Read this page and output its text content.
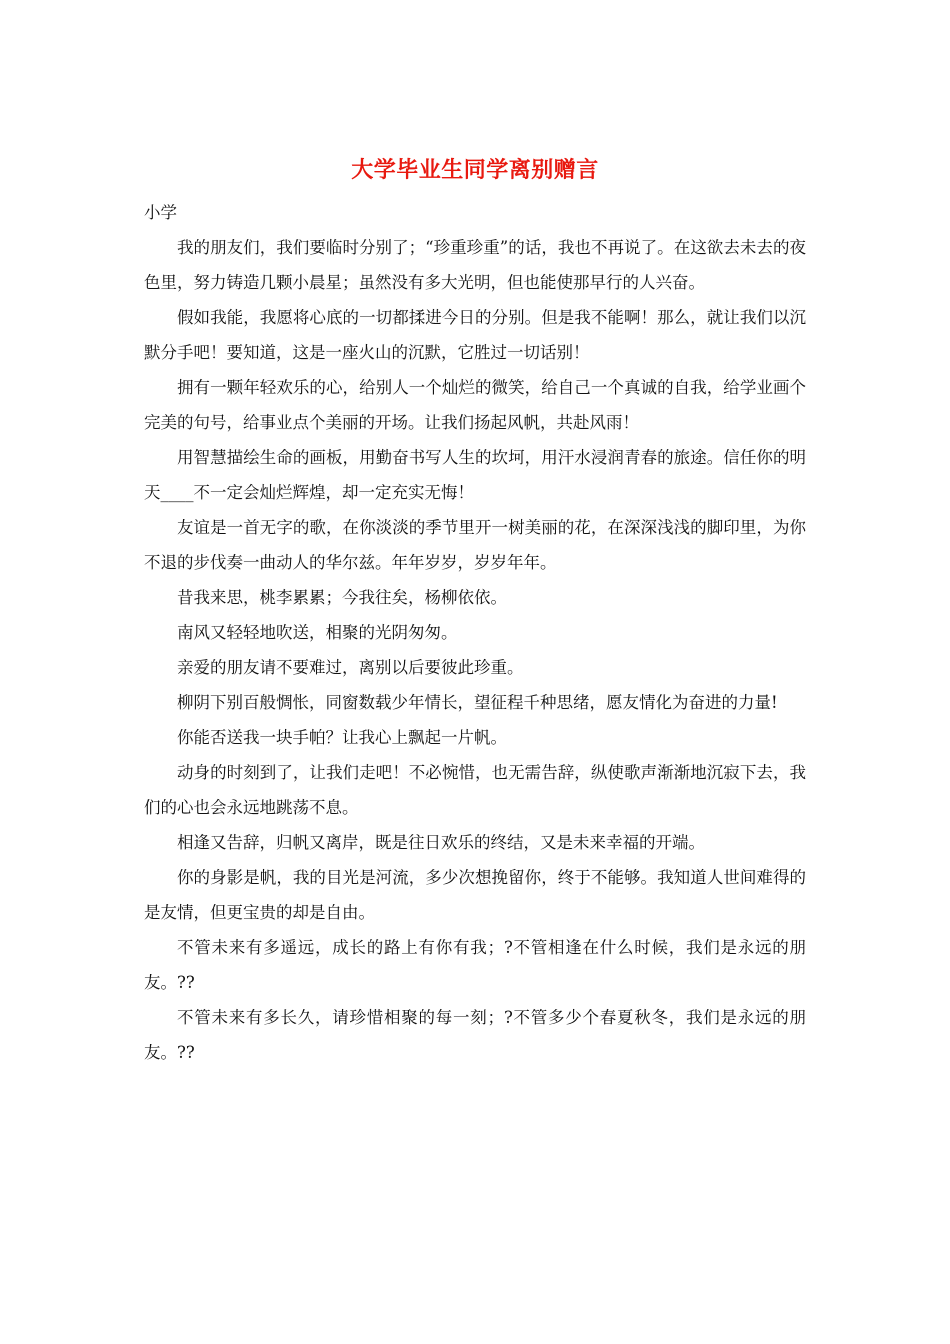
大学毕业生同学离别赠言

小学

我的朋友们，我们要临时分别了；“珍重珍重”的话，我也不再说了。在这欲去未去的夜色里，努力铸造几颗小晨星；虽然没有多大光明，但也能使那早行的人兴奋。

假如我能，我愿将心底的一切都揉进今日的分别。但是我不能啊！那么，就让我们以沉默分手吧！要知道，这是一座火山的沉默，它胜过一切话别！

拥有一颗年轻欢乐的心，给别人一个灿烂的微笑，给自己一个真诚的自我，给学业画个完美的句号，给事业点个美丽的开场。让我们扬起风帆，共赴风雨！

用智慧描绘生命的画板，用勤奋书写人生的坎坷，用汗水浸润青春的旅途。信任你的明天____不一定会灿烂辉煌，却一定充实无悔！

友谊是一首无字的歌，在你淡淡的季节里开一树美丽的花，在深深浅浅的脚印里，为你不退的步伐奏一曲动人的华尔兹。年年岁岁，岁岁年年。

昔我来思，桃李累累；今我往矣，杨柳依依。

南风又轻轻地吹送，相聚的光阴匆匆。

亲爱的朋友请不要难过，离别以后要彼此珍重。

柳阴下别百般惆怅，同窗数载少年情长，望征程千种思绪，愿友情化为奋进的力量!

你能否送我一块手帕？让我心上飘起一片帆。

动身的时刻到了，让我们走吧！不必惋惜，也无需告辞，纵使歌声渐渐地沉寂下去，我们的心也会永远地跳荡不息。

相逢又告辞，归帆又离岸，既是往日欢乐的终结，又是未来幸福的开端。

你的身影是帆，我的目光是河流，多少次想挽留你，终于不能够。我知道人世间难得的是友情，但更宝贵的却是自由。

不管未来有多遥远，成长的路上有你有我；?不管相逢在什么时候，我们是永远的朋友。??

不管未来有多长久，请珍惜相聚的每一刻；?不管多少个春夏秋冬，我们是永远的朋友。??
